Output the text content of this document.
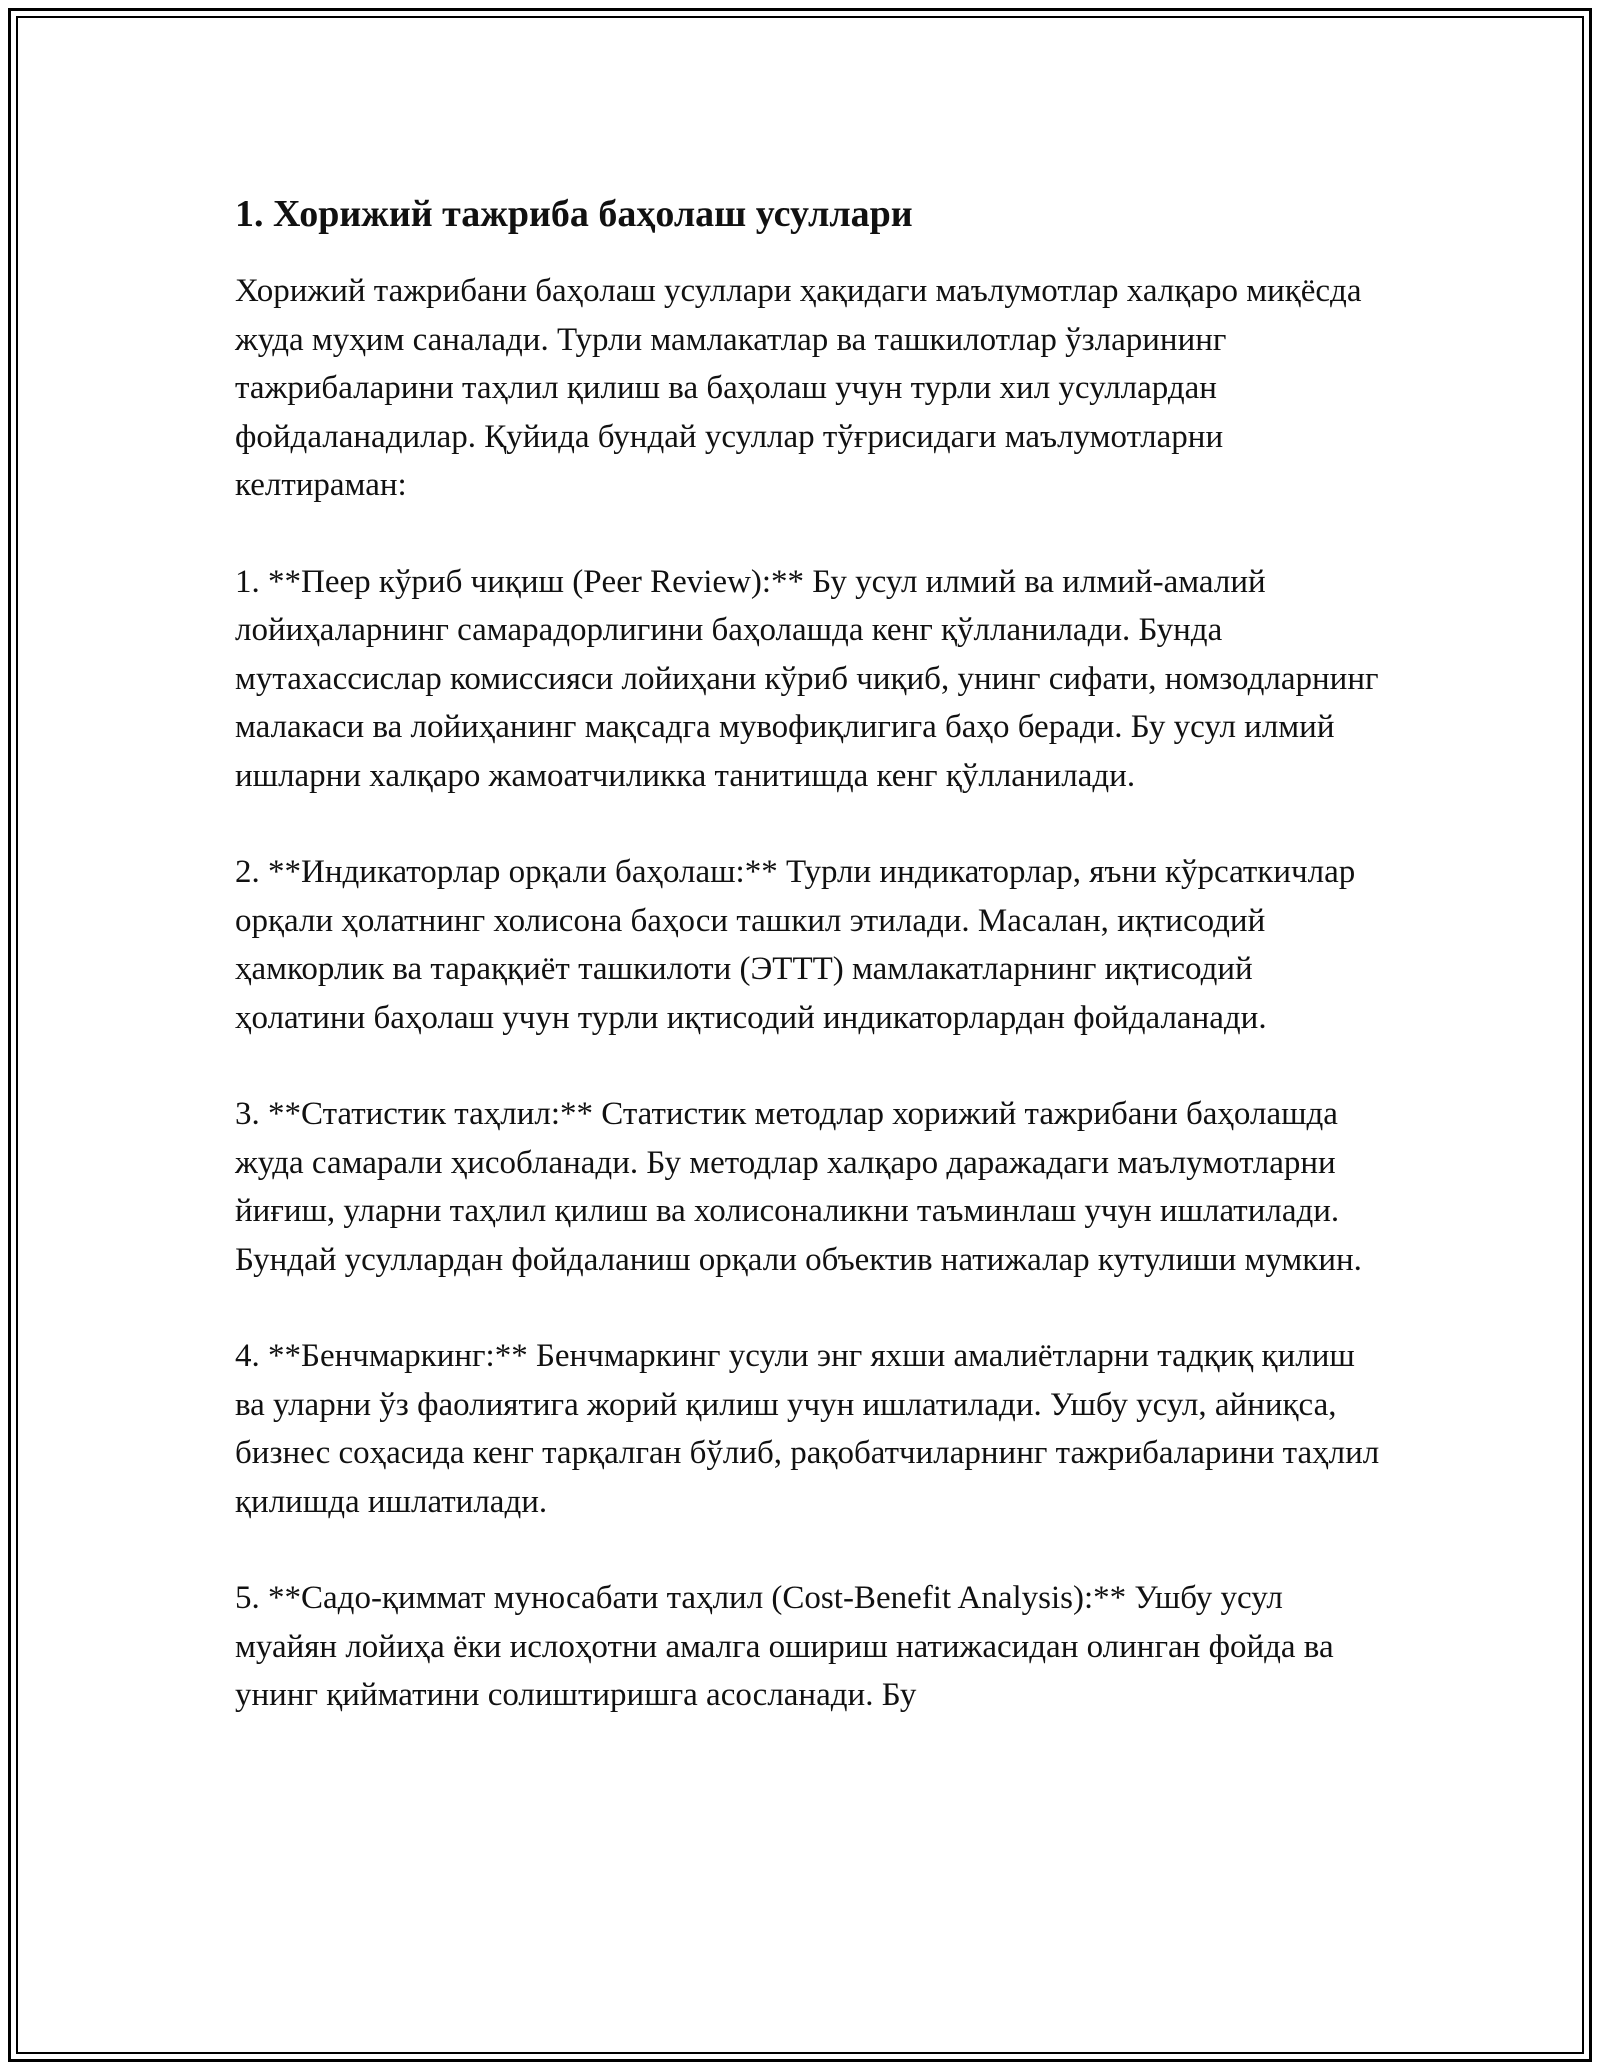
1. Хорижий тажриба баҳолаш усуллари

Хорижий тажрибани баҳолаш усуллари ҳақидаги маълумотлар халқаро миқёсда жуда муҳим саналади. Турли мамлакатлар ва ташкилотлар ўзларининг тажрибаларини таҳлил қилиш ва баҳолаш учун турли хил усуллардан фойдаланадилар. Қуйида бундай усуллар тўғрисидаги маълумотларни келтираман:

1. **Пеер кўриб чиқиш (Peer Review):** Бу усул илмий ва илмий-амалий лойиҳаларнинг самарадорлигини баҳолашда кенг қўлланилади. Бунда мутахассислар комиссияси лойиҳани кўриб чиқиб, унинг сифати, номзодларнинг малакаси ва лойиҳанинг мақсадга мувофиқлигига баҳо беради. Бу усул илмий ишларни халқаро жамоатчиликка танитишда кенг қўлланилади.

2. **Индикаторлар орқали баҳолаш:** Турли индикаторлар, яъни кўрсаткичлар орқали ҳолатнинг холисона баҳоси ташкил этилади. Масалан, иқтисодий ҳамкорлик ва тараққиёт ташкилоти (ЭТТТ) мамлакатларнинг иқтисодий ҳолатини баҳолаш учун турли иқтисодий индикаторлардан фойдаланади.

3. **Статистик таҳлил:** Статистик методлар хорижий тажрибани баҳолашда жуда самарали ҳисобланади. Бу методлар халқаро даражадаги маълумотларни йиғиш, уларни таҳлил қилиш ва холисоналикни таъминлаш учун ишлатилади. Бундай усуллардан фойдаланиш орқали объектив натижалар кутулиши мумкин.

4. **Бенчмаркинг:** Бенчмаркинг усули энг яхши амалиётларни тадқиқ қилиш ва уларни ўз фаолиятига жорий қилиш учун ишлатилади. Ушбу усул, айниқса, бизнес соҳасида кенг тарқалган бўлиб, рақобатчиларнинг тажрибаларини таҳлил қилишда ишлатилади.

5. **Садо-қиммат муносабати таҳлил (Cost-Benefit Analysis):** Ушбу усул муайян лойиҳа ёки ислоҳотни амалга ошириш натижасидан олинган фойда ва унинг қийматини солиштиришга асосланади. Бу
